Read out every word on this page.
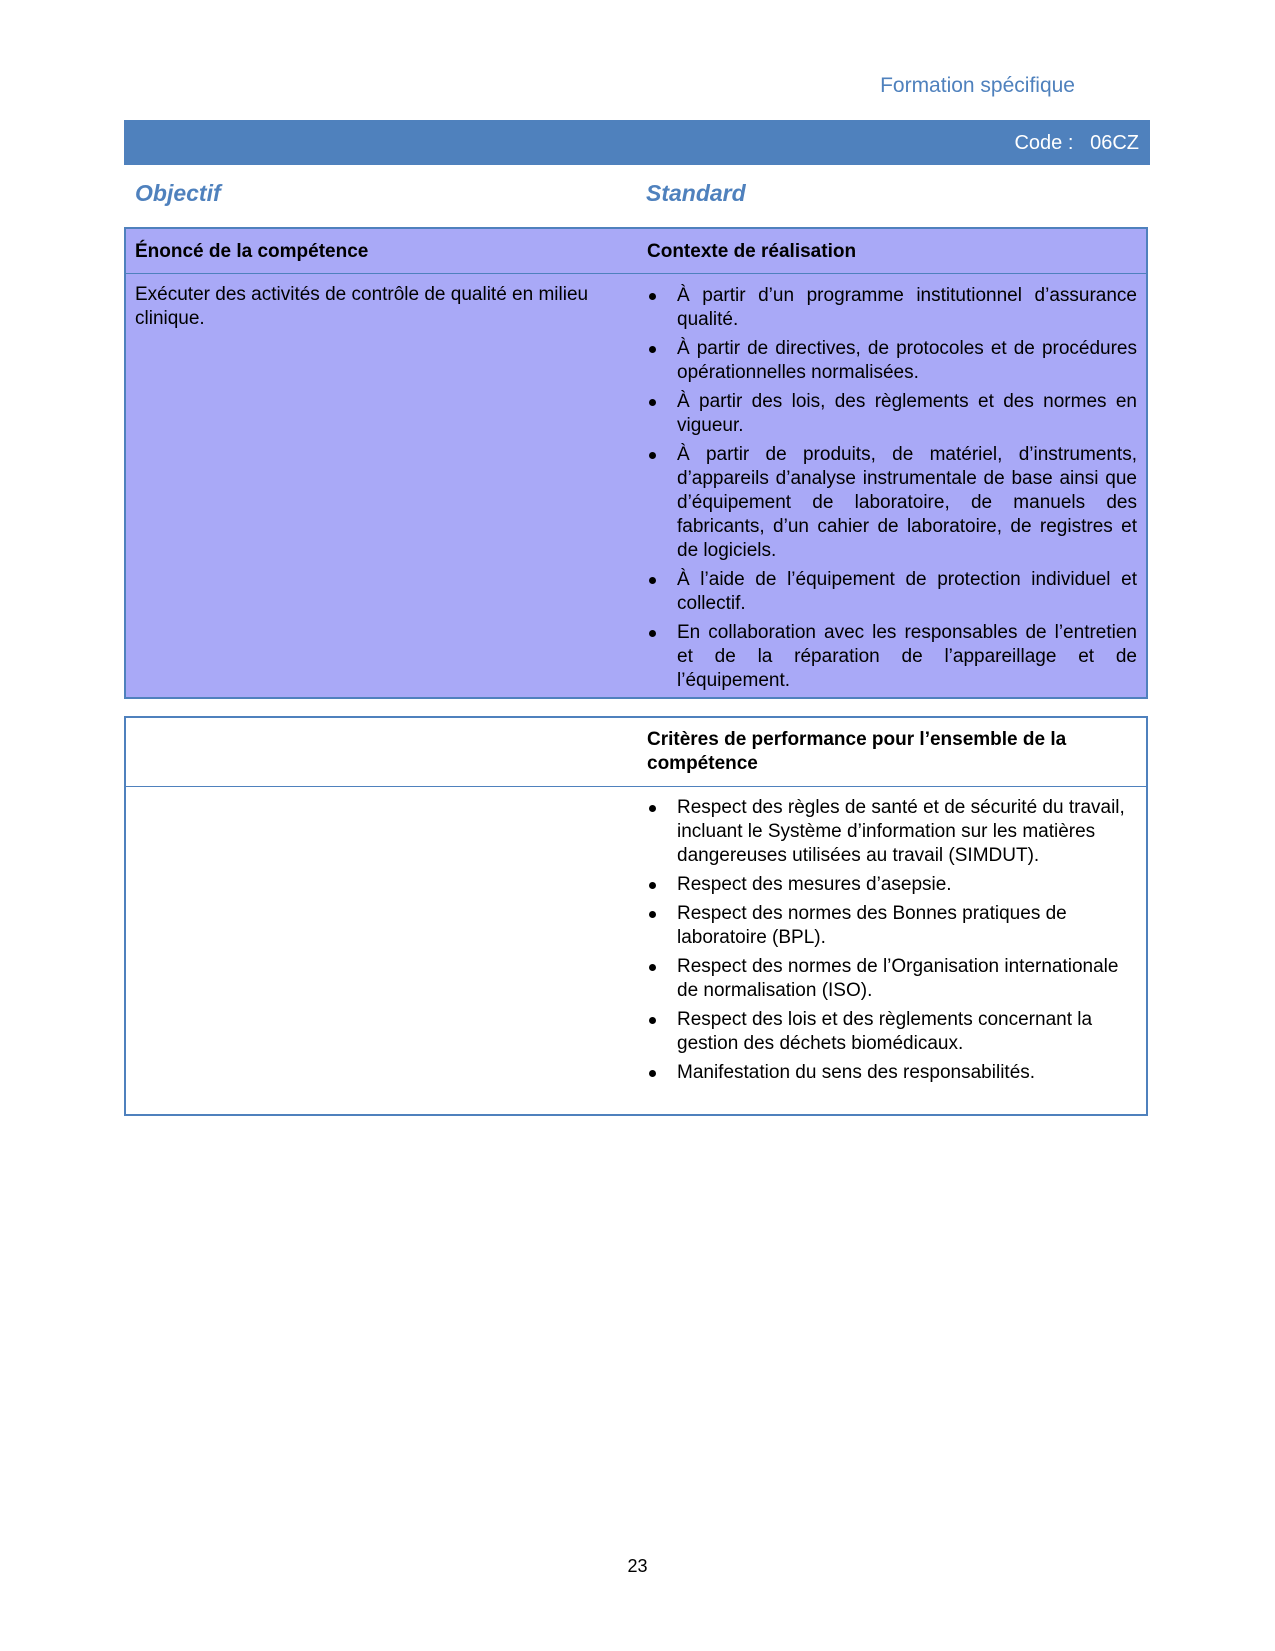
Formation spécifique
Code : 06CZ
Objectif	Standard
Énoncé de la compétence	Contexte de réalisation
Exécuter des activités de contrôle de qualité en milieu clinique.
À partir d’un programme institutionnel d’assurance qualité.
À partir de directives, de protocoles et de procédures opérationnelles normalisées.
À partir des lois, des règlements et des normes en vigueur.
À partir de produits, de matériel, d’instruments, d’appareils d’analyse instrumentale de base ainsi que d’équipement de laboratoire, de manuels des fabricants, d’un cahier de laboratoire, de registres et de logiciels.
À l’aide de l’équipement de protection individuel et collectif.
En collaboration avec les responsables de l’entretien et de la réparation de l’appareillage et de l’équipement.
Critères de performance pour l’ensemble de la compétence
Respect des règles de santé et de sécurité du travail, incluant le Système d’information sur les matières dangereuses utilisées au travail (SIMDUT).
Respect des mesures d’asepsie.
Respect des normes des Bonnes pratiques de laboratoire (BPL).
Respect des normes de l’Organisation internationale de normalisation (ISO).
Respect des lois et des règlements concernant la gestion des déchets biomédicaux.
Manifestation du sens des responsabilités.
23
